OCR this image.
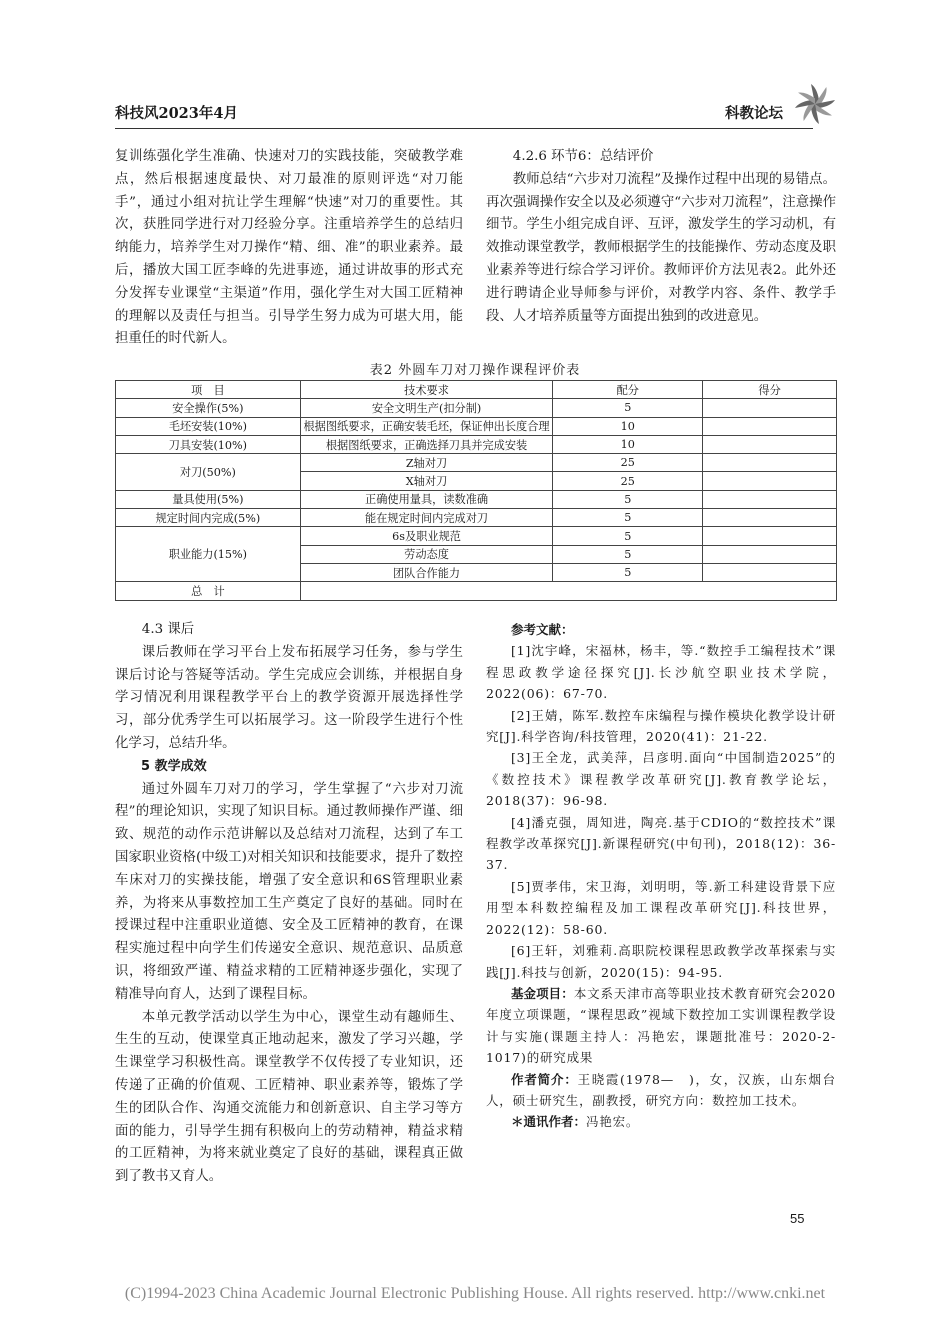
科技风2023年4月	科教论坛

复训练强化学生准确、快速对刀的实践技能，突破教学难点，然后根据速度最快、对刀最准的原则评选“对刀能手”，通过小组对抗让学生理解“快速”对刀的重要性。其次，获胜同学进行对刀经验分享。注重培养学生的总结归纳能力，培养学生对刀操作“精、细、准”的职业素养。最后，播放大国工匠李峰的先进事迹，通过讲故事的形式充分发挥专业课堂“主渠道”作用，强化学生对大国工匠精神的理解以及责任与担当。引导学生努力成为可堪大用，能担重任的时代新人。

4.2.6 环节6：总结评价

教师总结“六步对刀流程”及操作过程中出现的易错点。再次强调操作安全以及必须遵守“六步对刀流程”，注意操作细节。学生小组完成自评、互评，激发学生的学习动机，有效推动课堂教学，教师根据学生的技能操作、劳动态度及职业素养等进行综合学习评价。教师评价方法见表2。此外还进行聘请企业导师参与评价，对教学内容、条件、教学手段、人才培养质量等方面提出独到的改进意见。

表2 外圆车刀对刀操作课程评价表
项　目	技术要求	配分	得分
安全操作(5%)	安全文明生产(扣分制)	5	
毛坯安装(10%)	根据图纸要求，正确安装毛坯，保证伸出长度合理	10	
刀具安装(10%)	根据图纸要求，正确选择刀具并完成安装	10	
对刀(50%)	Z轴对刀	25	
	X轴对刀	25	
量具使用(5%)	正确使用量具，读数准确	5	
规定时间内完成(5%)	能在规定时间内完成对刀	5	
职业能力(15%)	6s及职业规范	5	
	劳动态度	5	
	团队合作能力	5	
总　计			
4.3 课后

课后教师在学习平台上发布拓展学习任务，参与学生课后讨论与答疑等活动。学生完成应会训练，并根据自身学习情况利用课程教学平台上的教学资源开展选择性学习，部分优秀学生可以拓展学习。这一阶段学生进行个性化学习，总结升华。

5 教学成效

通过外圆车刀对刀的学习，学生掌握了“六步对刀流程”的理论知识，实现了知识目标。通过教师操作严谨、细致、规范的动作示范讲解以及总结对刀流程，达到了车工国家职业资格(中级工)对相关知识和技能要求，提升了数控车床对刀的实操技能，增强了安全意识和6S管理职业素养，为将来从事数控加工生产奠定了良好的基础。同时在授课过程中注重职业道德、安全及工匠精神的教育，在课程实施过程中向学生们传递安全意识、规范意识、品质意识，将细致严谨、精益求精的工匠精神逐步强化，实现了精准导向育人，达到了课程目标。

本单元教学活动以学生为中心，课堂生动有趣师生、生生的互动，使课堂真正地动起来，激发了学习兴趣，学生课堂学习积极性高。课堂教学不仅传授了专业知识，还传递了正确的价值观、工匠精神、职业素养等，锻炼了学生的团队合作、沟通交流能力和创新意识、自主学习等方面的能力，引导学生拥有积极向上的劳动精神，精益求精的工匠精神，为将来就业奠定了良好的基础，课程真正做到了教书又育人。

参考文献：

[1]沈宇峰，宋福林，杨丰，等.“数控手工编程技术”课程思政教学途径探究[J].长沙航空职业技术学院，2022(06)：67-70.

[2]王婧，陈军.数控车床编程与操作模块化教学设计研究[J].科学咨询/科技管理，2020(41)：21-22.

[3]王全龙，武美萍，吕彦明.面向“中国制造2025”的《数控技术》课程教学改革研究[J].教育教学论坛，2018(37)：96-98.

[4]潘克强，周知进，陶亮.基于CDIO的“数控技术”课程教学改革探究[J].新课程研究(中旬刊)，2018(12)：36-37.

[5]贾孝伟，宋卫海，刘明明，等.新工科建设背景下应用型本科数控编程及加工课程改革研究[J].科技世界，2022(12)：58-60.

[6]王轩，刘雅莉.高职院校课程思政教学改革探索与实践[J].科技与创新，2020(15)：94-95.

基金项目：本文系天津市高等职业技术教育研究会2020年度立项课题，“课程思政”视域下数控加工实训课程教学设计与实施(课题主持人：冯艳宏，课题批准号：2020-2-1017)的研究成果

作者简介：王晓霞(1978—　)，女，汉族，山东烟台人，硕士研究生，副教授，研究方向：数控加工技术。

＊通讯作者：冯艳宏。

55
(C)1994-2023 China Academic Journal Electronic Publishing House. All rights reserved. http://www.cnki.net
